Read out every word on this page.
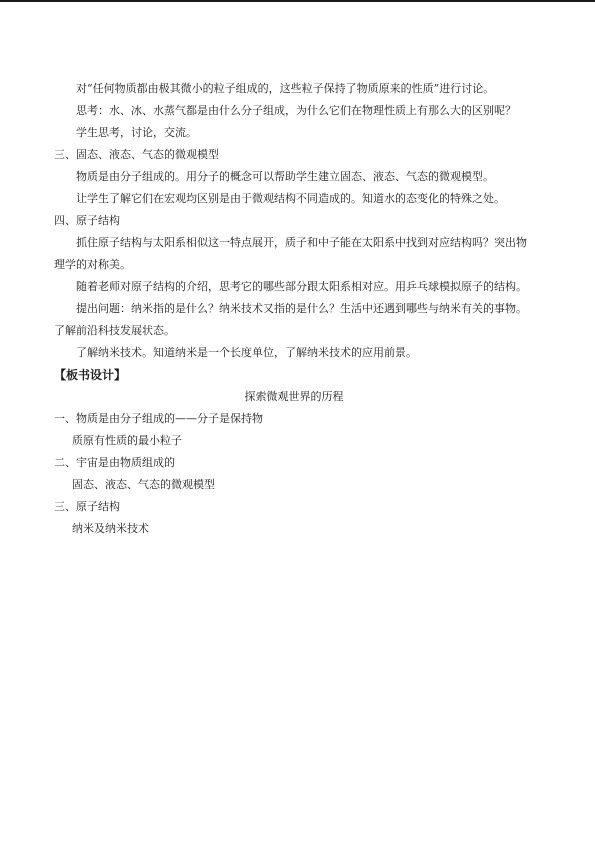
对“任何物质都由极其微小的粒子组成的，这些粒子保持了物质原来的性质”进行讨论。

思考：水、冰、水蒸气都是由什么分子组成，为什么它们在物理性质上有那么大的区别呢？

学生思考，讨论，交流。

三、固态、液态、气态的微观模型

物质是由分子组成的。用分子的概念可以帮助学生建立固态、液态、气态的微观模型。

让学生了解它们在宏观均区别是由于微观结构不同造成的。知道水的态变化的特殊之处。

四、原子结构

抓住原子结构与太阳系相似这一特点展开，质子和中子能在太阳系中找到对应结构吗？突出物理学的对称美。

随着老师对原子结构的介绍，思考它的哪些部分跟太阳系相对应。用乒乓球模拟原子的结构。

提出问题：纳米指的是什么？纳米技术又指的是什么？生活中还遇到哪些与纳米有关的事物。了解前沿科技发展状态。

了解纳米技术。知道纳米是一个长度单位，了解纳米技术的应用前景。

【板书设计】

探索微观世界的历程

一、物质是由分子组成的——分子是保持物

质原有性质的最小粒子

二、宇宙是由物质组成的

固态、液态、气态的微观模型

三、原子结构

纳米及纳米技术
